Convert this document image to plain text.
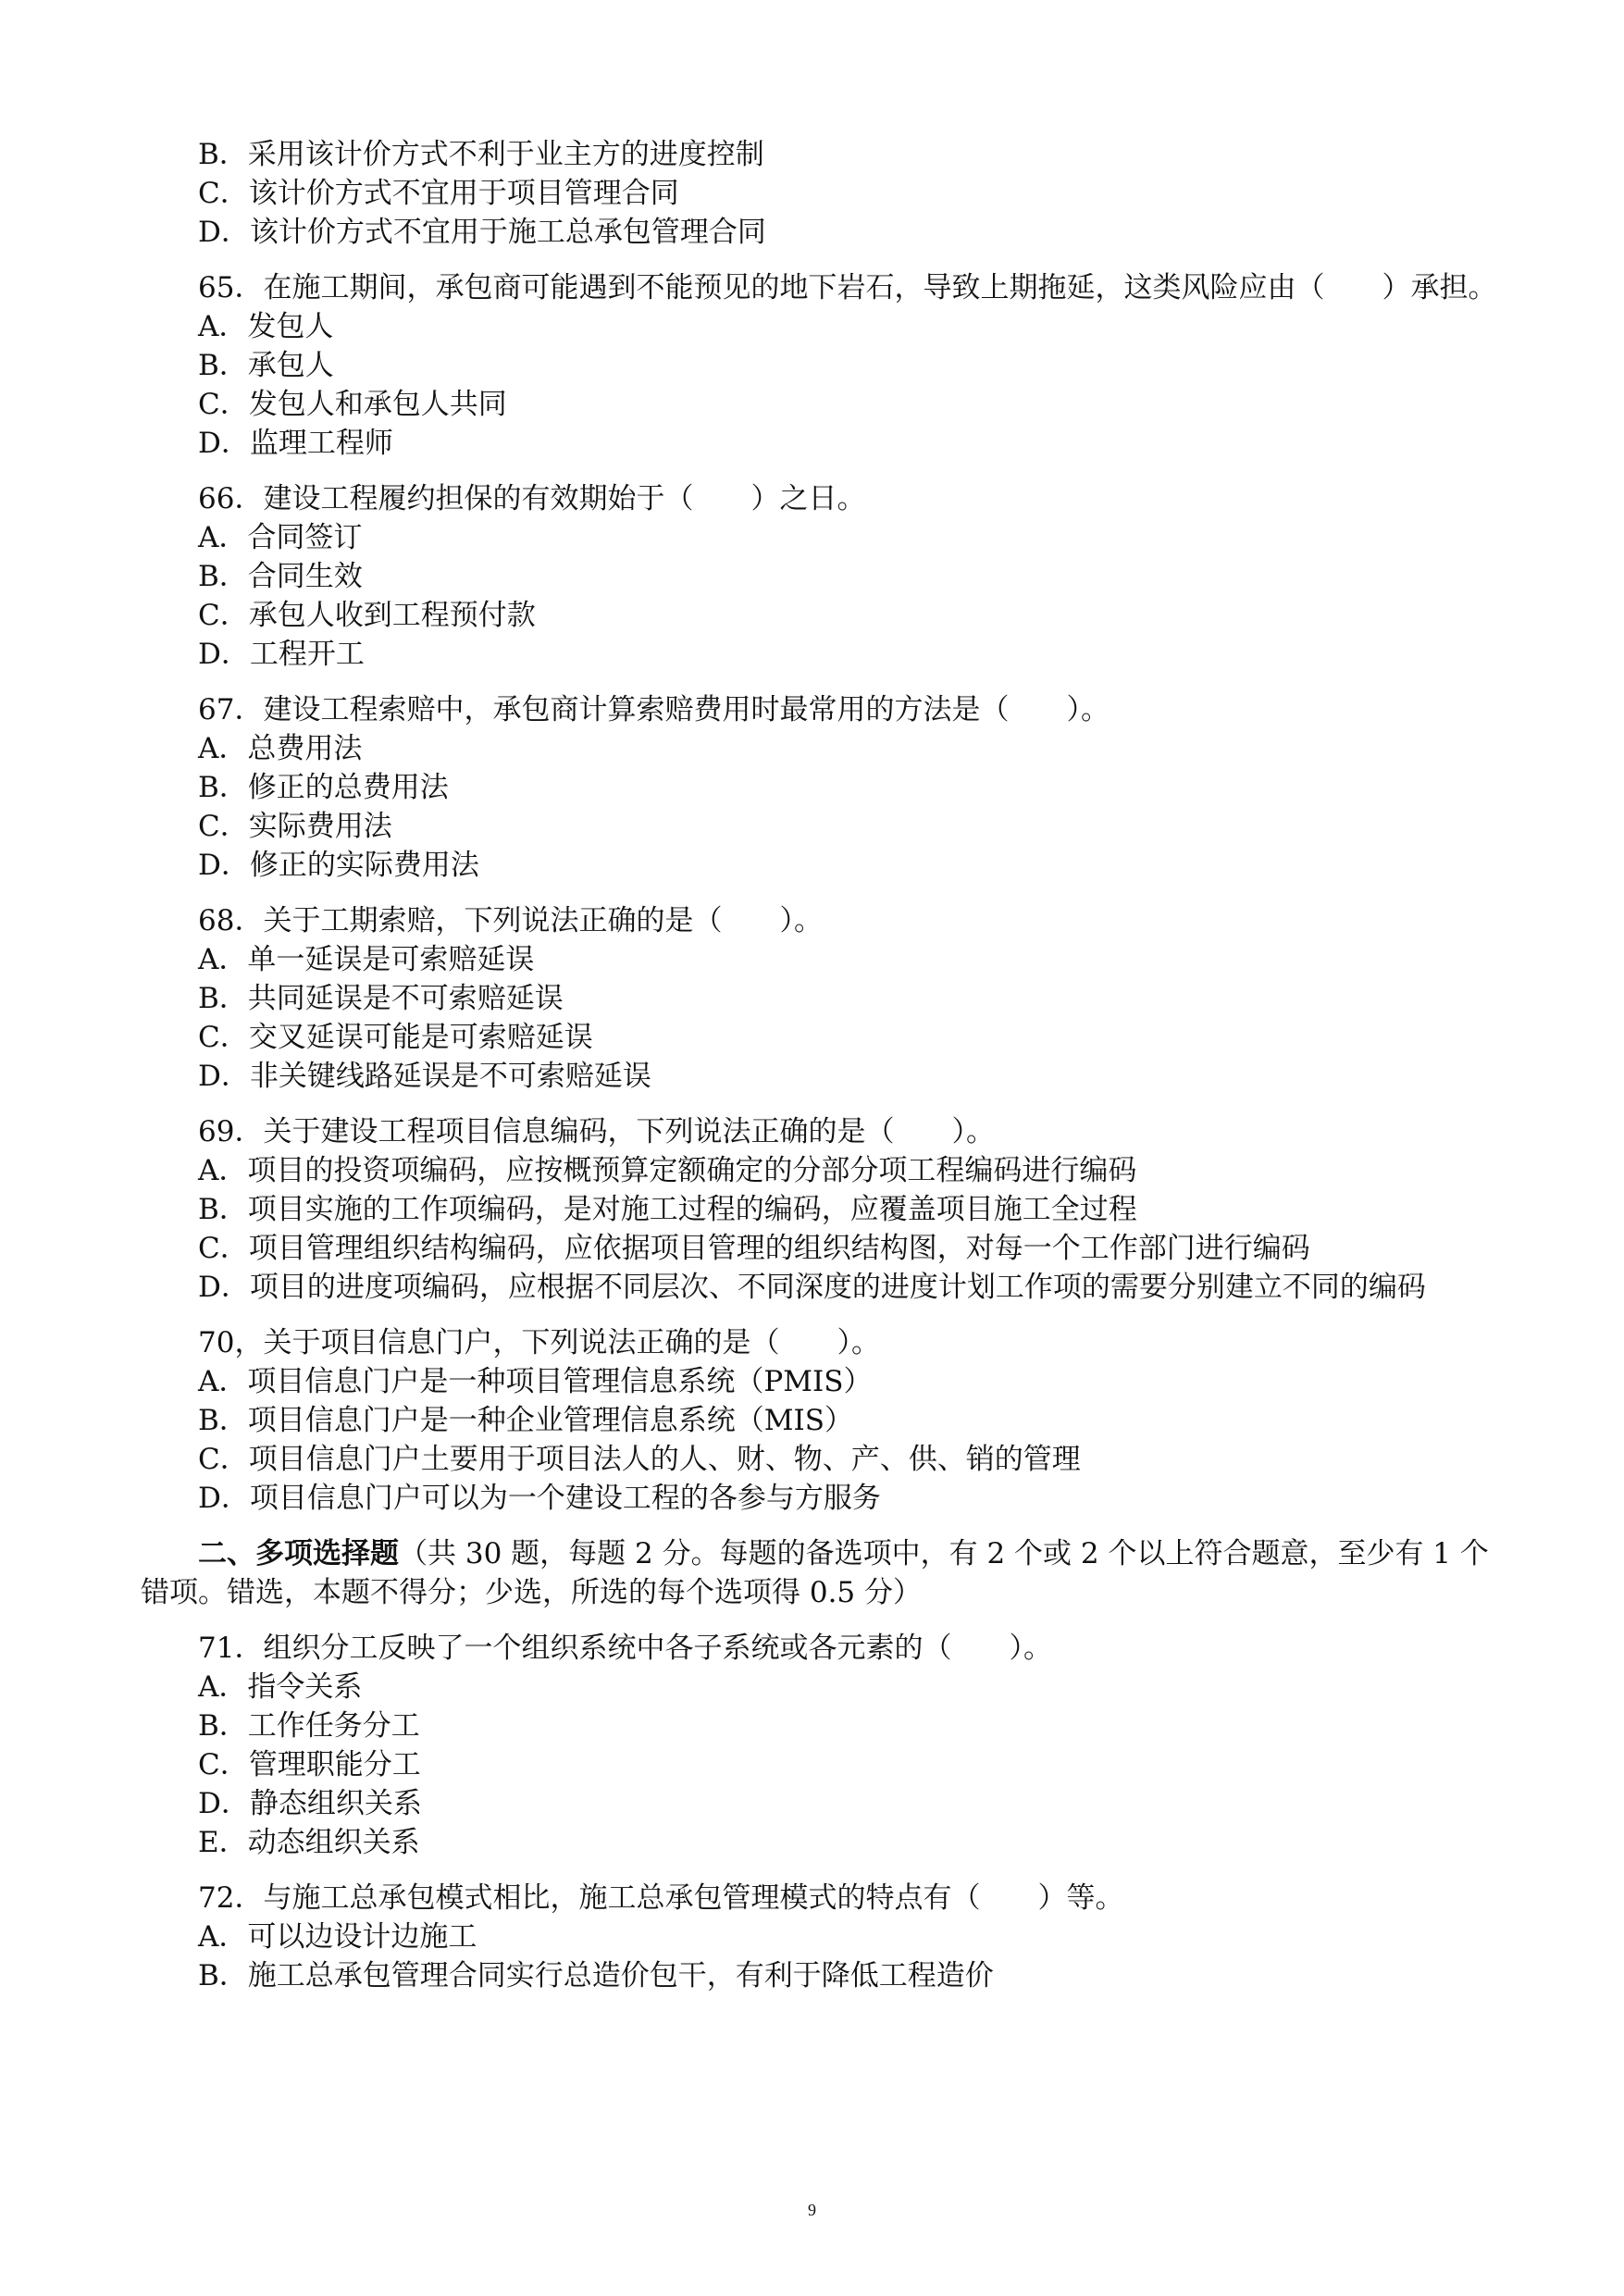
B．采用该计价方式不利于业主方的进度控制
C．该计价方式不宜用于项目管理合同
D．该计价方式不宜用于施工总承包管理合同
65．在施工期间，承包商可能遇到不能预见的地下岩石，导致上期拖延，这类风险应由（　　）承担。
A．发包人
B．承包人
C．发包人和承包人共同
D．监理工程师
66．建设工程履约担保的有效期始于（　　）之日。
A．合同签订
B．合同生效
C．承包人收到工程预付款
D．工程开工
67．建设工程索赔中，承包商计算索赔费用时最常用的方法是（　　）。
A．总费用法
B．修正的总费用法
C．实际费用法
D．修正的实际费用法
68．关于工期索赔，下列说法正确的是（　　）。
A．单一延误是可索赔延误
B．共同延误是不可索赔延误
C．交叉延误可能是可索赔延误
D．非关键线路延误是不可索赔延误
69．关于建设工程项目信息编码，下列说法正确的是（　　）。
A．项目的投资项编码，应按概预算定额确定的分部分项工程编码进行编码
B．项目实施的工作项编码，是对施工过程的编码，应覆盖项目施工全过程
C．项目管理组织结构编码，应依据项目管理的组织结构图，对每一个工作部门进行编码
D．项目的进度项编码，应根据不同层次、不同深度的进度计划工作项的需要分别建立不同的编码
70，关于项目信息门户，下列说法正确的是（　　）。
A．项目信息门户是一种项目管理信息系统（PMIS）
B．项目信息门户是一种企业管理信息系统（MIS）
C．项目信息门户土要用于项目法人的人、财、物、产、供、销的管理
D．项目信息门户可以为一个建设工程的各参与方服务
二、多项选择题（共 30 题，每题 2 分。每题的备选项中，有 2 个或 2 个以上符合题意，至少有 1 个错项。错选，本题不得分；少选，所选的每个选项得 0.5 分）
71．组织分工反映了一个组织系统中各子系统或各元素的（　　）。
A．指令关系
B．工作任务分工
C．管理职能分工
D．静态组织关系
E．动态组织关系
72．与施工总承包模式相比，施工总承包管理模式的特点有（　　）等。
A．可以边设计边施工
B．施工总承包管理合同实行总造价包干，有利于降低工程造价
9
